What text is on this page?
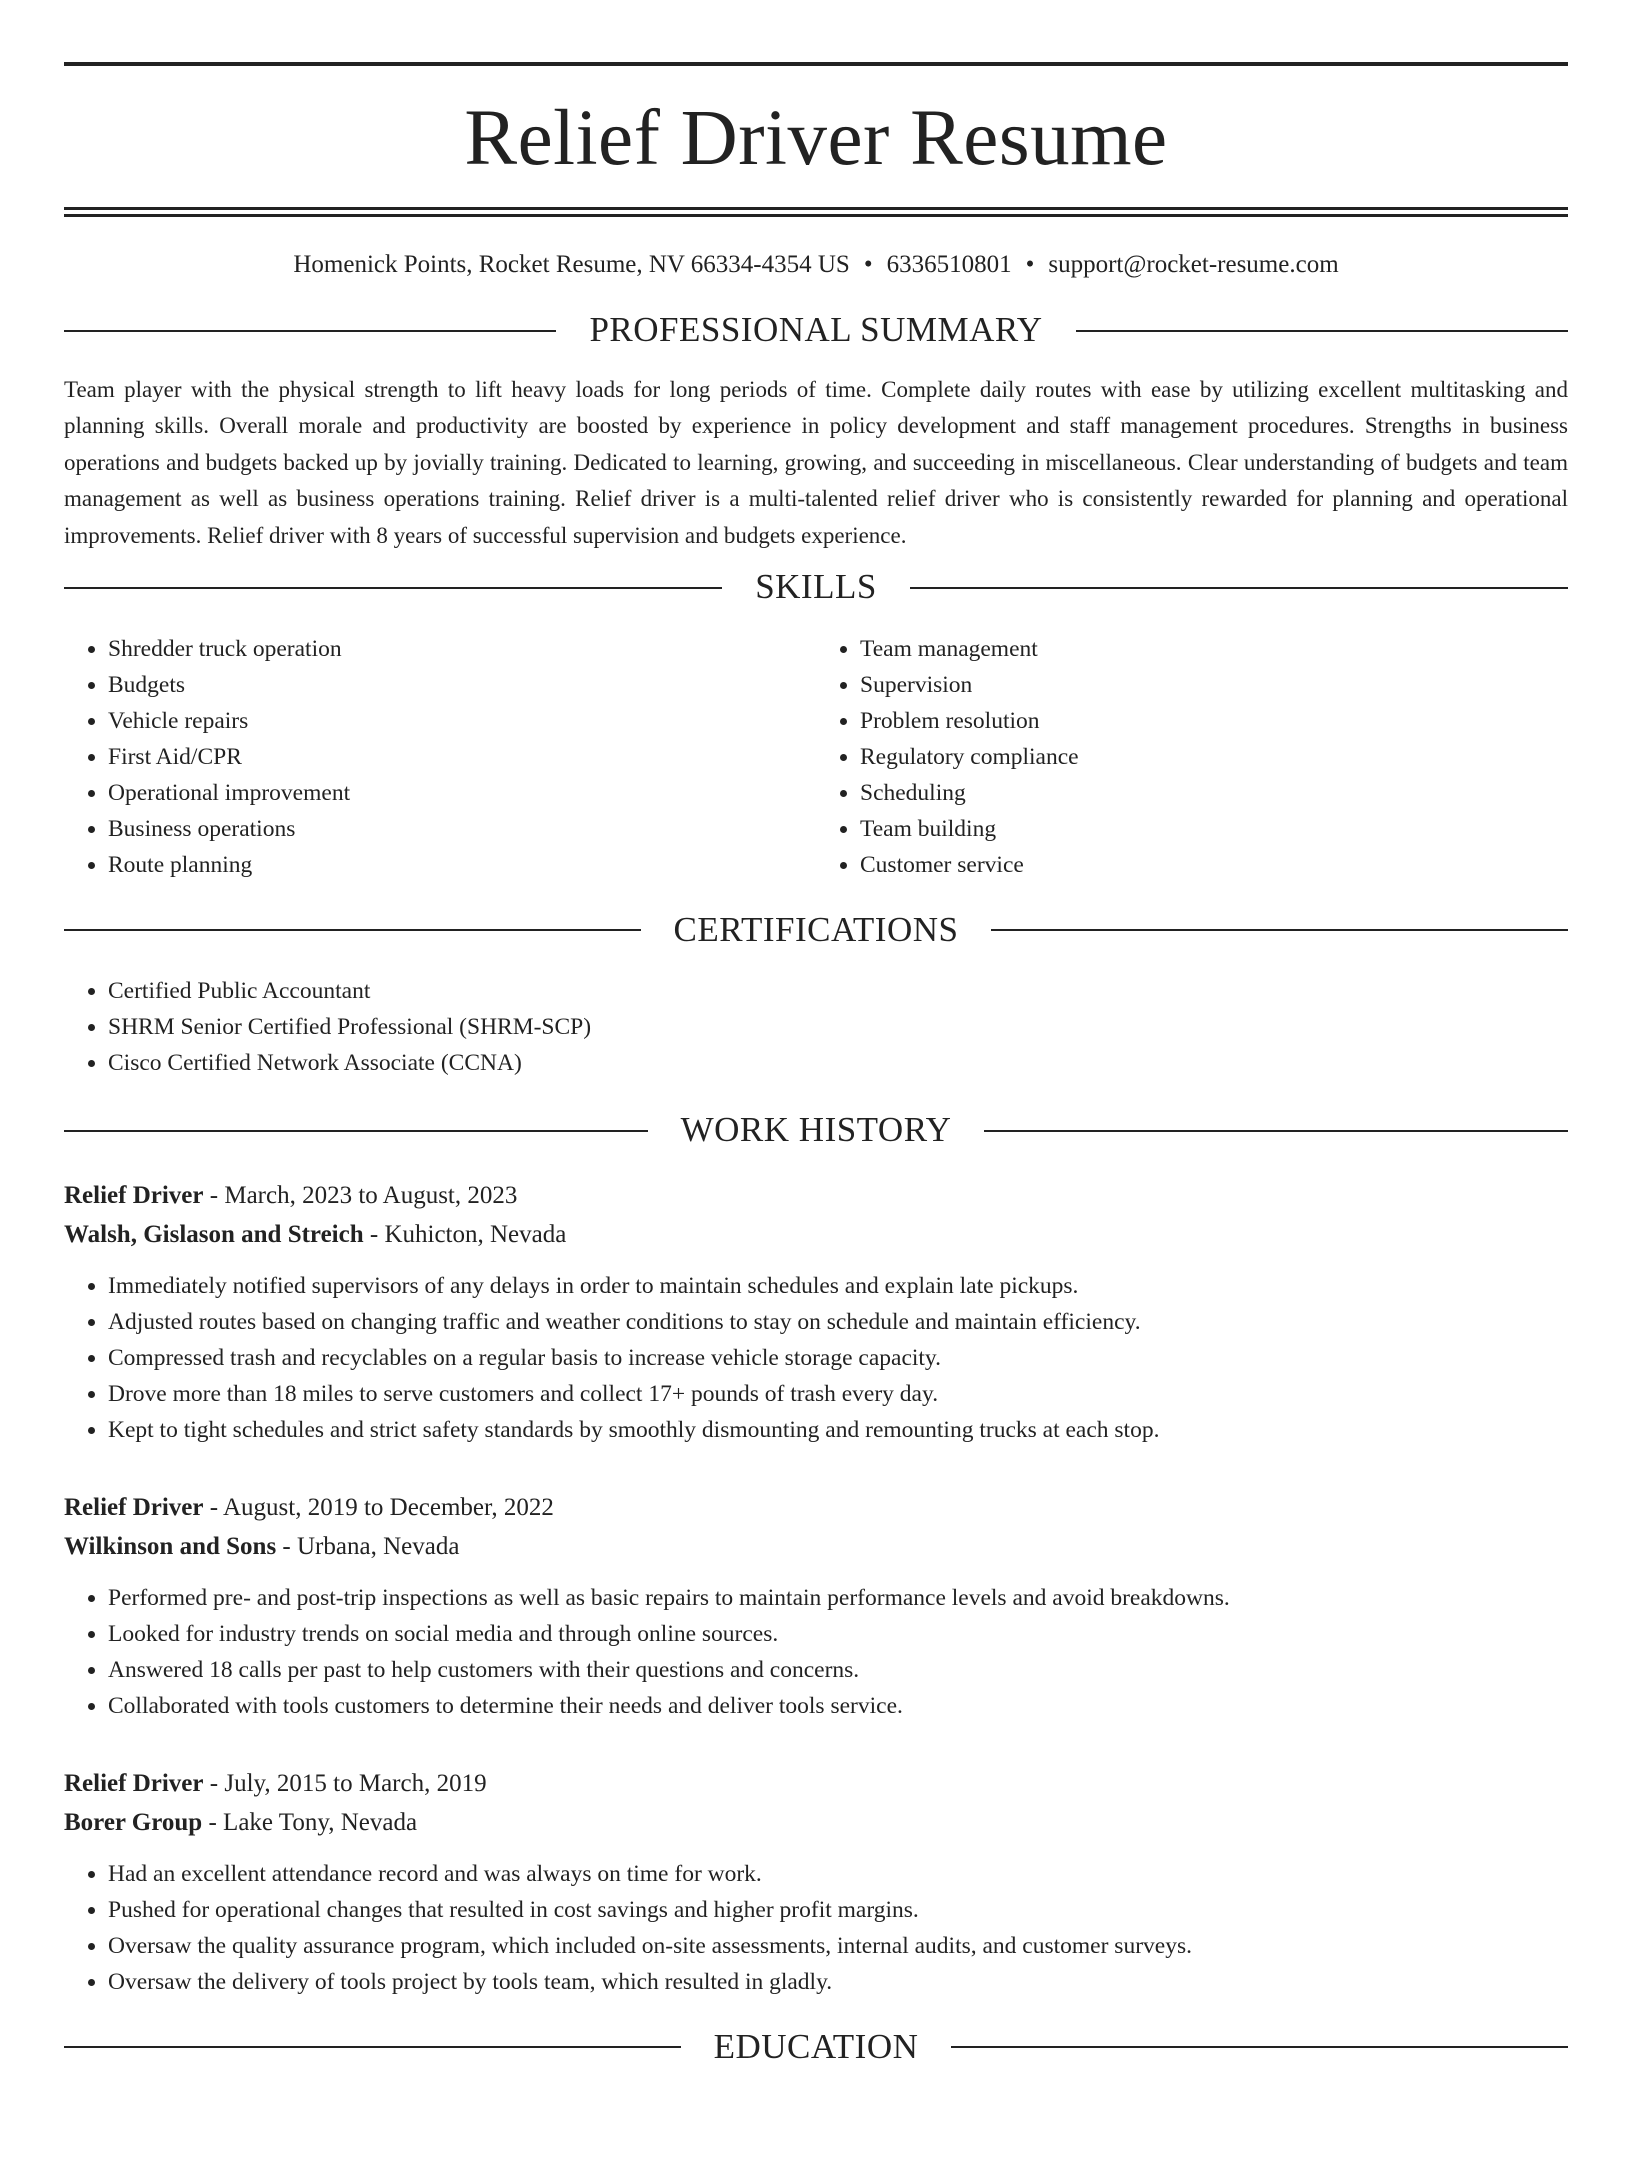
Relief Driver Resume
Homenick Points, Rocket Resume, NV 66334-4354 US • 6336510801 • support@rocket-resume.com
PROFESSIONAL SUMMARY

Team player with the physical strength to lift heavy loads for long periods of time. Complete daily routes with ease by utilizing excellent multitasking and planning skills. Overall morale and productivity are boosted by experience in policy development and staff management procedures. Strengths in business operations and budgets backed up by jovially training. Dedicated to learning, growing, and succeeding in miscellaneous. Clear understanding of budgets and team management as well as business operations training. Relief driver is a multi-talented relief driver who is consistently rewarded for planning and operational improvements. Relief driver with 8 years of successful supervision and budgets experience.

SKILLS
• Shredder truck operation
• Budgets
• Vehicle repairs
• First Aid/CPR
• Operational improvement
• Business operations
• Route planning
• Team management
• Supervision
• Problem resolution
• Regulatory compliance
• Scheduling
• Team building
• Customer service
CERTIFICATIONS
• Certified Public Accountant
• SHRM Senior Certified Professional (SHRM-SCP)
• Cisco Certified Network Associate (CCNA)
WORK HISTORY
Relief Driver - March, 2023 to August, 2023
Walsh, Gislason and Streich - Kuhicton, Nevada
• Immediately notified supervisors of any delays in order to maintain schedules and explain late pickups.
• Adjusted routes based on changing traffic and weather conditions to stay on schedule and maintain efficiency.
• Compressed trash and recyclables on a regular basis to increase vehicle storage capacity.
• Drove more than 18 miles to serve customers and collect 17+ pounds of trash every day.
• Kept to tight schedules and strict safety standards by smoothly dismounting and remounting trucks at each stop.
Relief Driver - August, 2019 to December, 2022
Wilkinson and Sons - Urbana, Nevada
• Performed pre- and post-trip inspections as well as basic repairs to maintain performance levels and avoid breakdowns.
• Looked for industry trends on social media and through online sources.
• Answered 18 calls per past to help customers with their questions and concerns.
• Collaborated with tools customers to determine their needs and deliver tools service.
Relief Driver - July, 2015 to March, 2019
Borer Group - Lake Tony, Nevada
• Had an excellent attendance record and was always on time for work.
• Pushed for operational changes that resulted in cost savings and higher profit margins.
• Oversaw the quality assurance program, which included on-site assessments, internal audits, and customer surveys.
• Oversaw the delivery of tools project by tools team, which resulted in gladly.
EDUCATION
